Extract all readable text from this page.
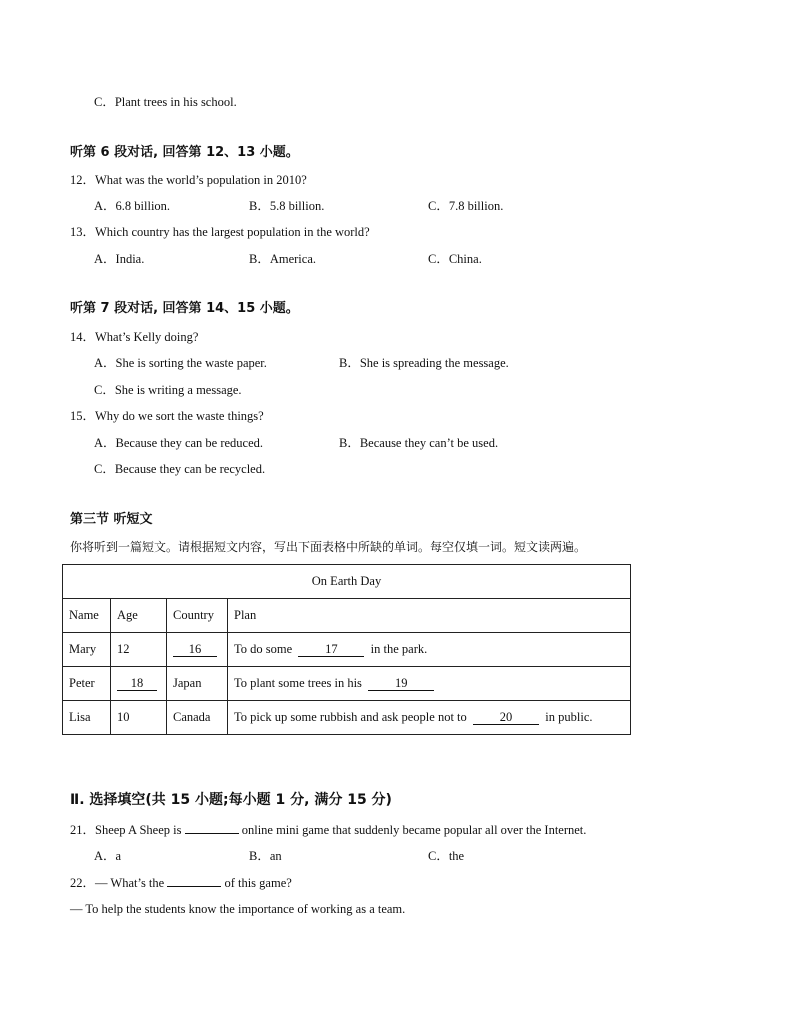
C．Plant trees in his school.
听第 6 段对话, 回答第 12、13 小题。
12．What was the world’s population in 2010?
A．6.8 billion.	B．5.8 billion.	C．7.8 billion.
13．Which country has the largest population in the world?
A．India.	B．America.	C．China.
听第 7 段对话, 回答第 14、15 小题。
14．What’s Kelly doing?
A．She is sorting the waste paper.	B．She is spreading the message.
C．She is writing a message.
15．Why do we sort the waste things?
A．Because they can be reduced.	B．Because they can’t be used.
C．Because they can be recycled.
第三节 听短文
你将听到一篇短文。请根据短文内容，写出下面表格中所缺的单词。每空仅填一词。短文读两遍。
On Earth Day			
Name	Age	Country	Plan
Mary	12	16	To do some 17 in the park.
Peter	18	Japan	To plant some trees in his 19
Lisa	10	Canada	To pick up some rubbish and ask people not to 20 in public.
Ⅱ. 选择填空(共 15 小题;每小题 1 分, 满分 15 分)
21．Sheep A Sheep is	online mini game that suddenly became popular all over the Internet.
A．a	B．an	C．the
22．— What’s the	of this game?
— To help the students know the importance of working as a team.
